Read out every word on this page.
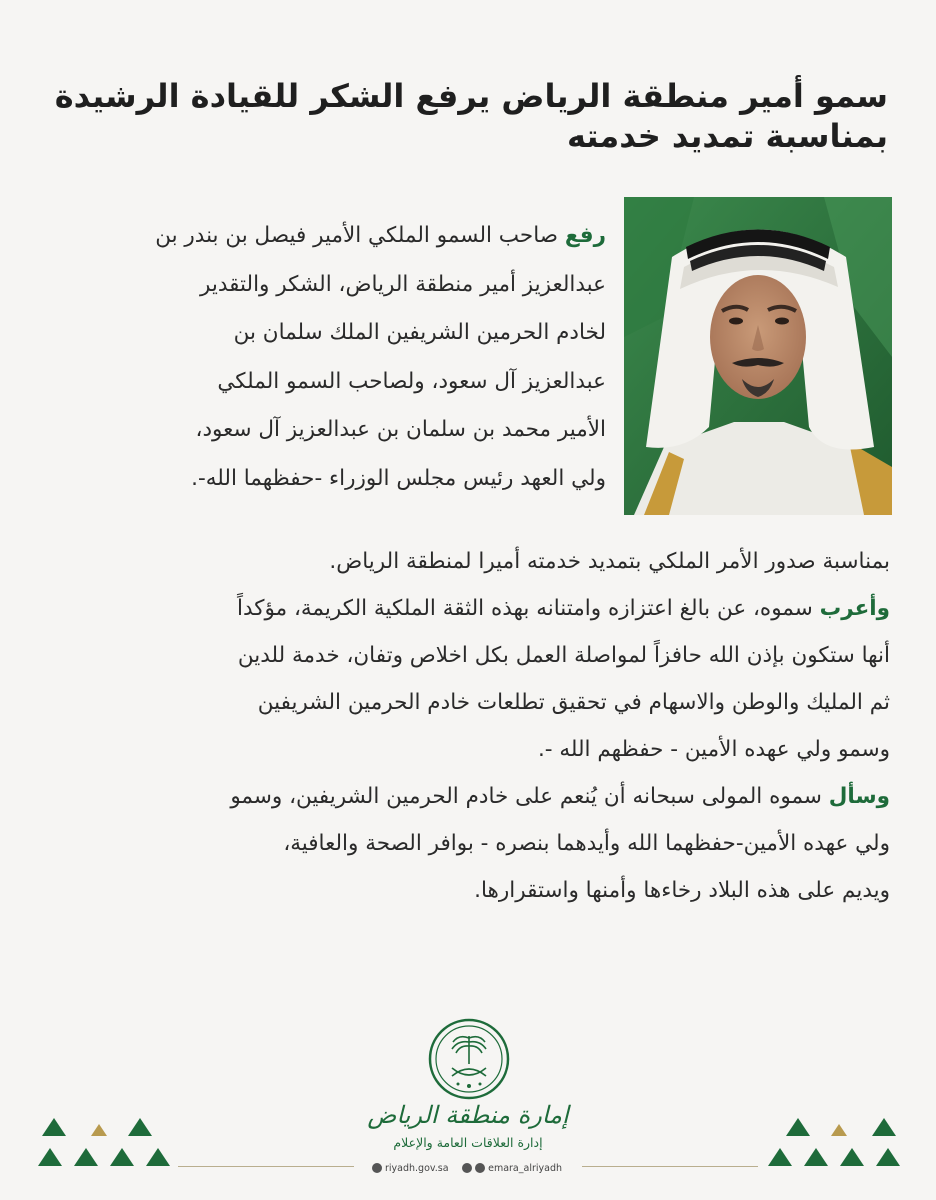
سمو أمير منطقة الرياض يرفع الشكر للقيادة الرشيدة
بمناسبة تمديد خدمته
رفع صاحب السمو الملكي الأمير فيصل بن بندر بن
عبدالعزيز أمير منطقة الرياض، الشكر والتقدير
لخادم الحرمين الشريفين الملك سلمان بن
عبدالعزيز آل سعود، ولصاحب السمو الملكي
الأمير محمد بن سلمان بن عبدالعزيز آل سعود،
ولي العهد رئيس مجلس الوزراء -حفظهما الله-.
بمناسبة صدور الأمر الملكي بتمديد خدمته أميرا لمنطقة الرياض.
وأعرب سموه، عن بالغ اعتزازه وامتنانه بهذه الثقة الملكية الكريمة، مؤكداً
أنها ستكون بإذن الله حافزاً لمواصلة العمل بكل اخلاص وتفان، خدمة للدين
ثم المليك والوطن والاسهام في تحقيق تطلعات خادم الحرمين الشريفين
وسمو ولي عهده الأمين - حفظهم الله -.
وسأل سموه المولى سبحانه أن يُنعم على خادم الحرمين الشريفين، وسمو
ولي عهده الأمين-حفظهما الله وأيدهما بنصره - بوافر الصحة والعافية،
ويديم على هذه البلاد رخاءها وأمنها واستقرارها.
إمارة منطقة الرياض
إدارة العلاقات العامة والإعلام
riyadh.gov.sa	emara_alriyadh
